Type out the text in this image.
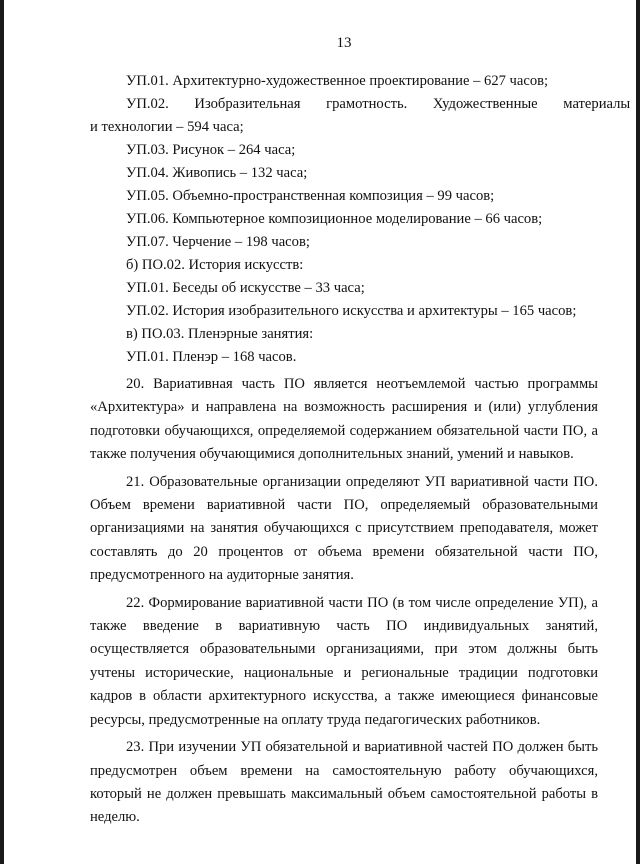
13
УП.01. Архитектурно-художественное проектирование – 627 часов;
УП.02. Изобразительная грамотность. Художественные материалы
и технологии – 594 часа;
УП.03. Рисунок – 264 часа;
УП.04. Живопись – 132 часа;
УП.05. Объемно-пространственная композиция – 99 часов;
УП.06. Компьютерное композиционное моделирование – 66 часов;
УП.07. Черчение – 198 часов;
б) ПО.02. История искусств:
УП.01. Беседы об искусстве – 33 часа;
УП.02. История изобразительного искусства и архитектуры – 165 часов;
в) ПО.03. Пленэрные занятия:
УП.01. Пленэр – 168 часов.

20. Вариативная часть ПО является неотъемлемой частью программы «Архитектура» и направлена на возможность расширения и (или) углубления подготовки обучающихся, определяемой содержанием обязательной части ПО, а также получения обучающимися дополнительных знаний, умений и навыков.

21. Образовательные организации определяют УП вариативной части ПО. Объем времени вариативной части ПО, определяемый образовательными организациями на занятия обучающихся с присутствием преподавателя, может составлять до 20 процентов от объема времени обязательной части ПО, предусмотренного на аудиторные занятия.

22. Формирование вариативной части ПО (в том числе определение УП), а также введение в вариативную часть ПО индивидуальных занятий, осуществляется образовательными организациями, при этом должны быть учтены исторические, национальные и региональные традиции подготовки кадров в области архитектурного искусства, а также имеющиеся финансовые ресурсы, предусмотренные на оплату труда педагогических работников.

23. При изучении УП обязательной и вариативной частей ПО должен быть предусмотрен объем времени на самостоятельную работу обучающихся, который не должен превышать максимальный объем самостоятельной работы в неделю.
